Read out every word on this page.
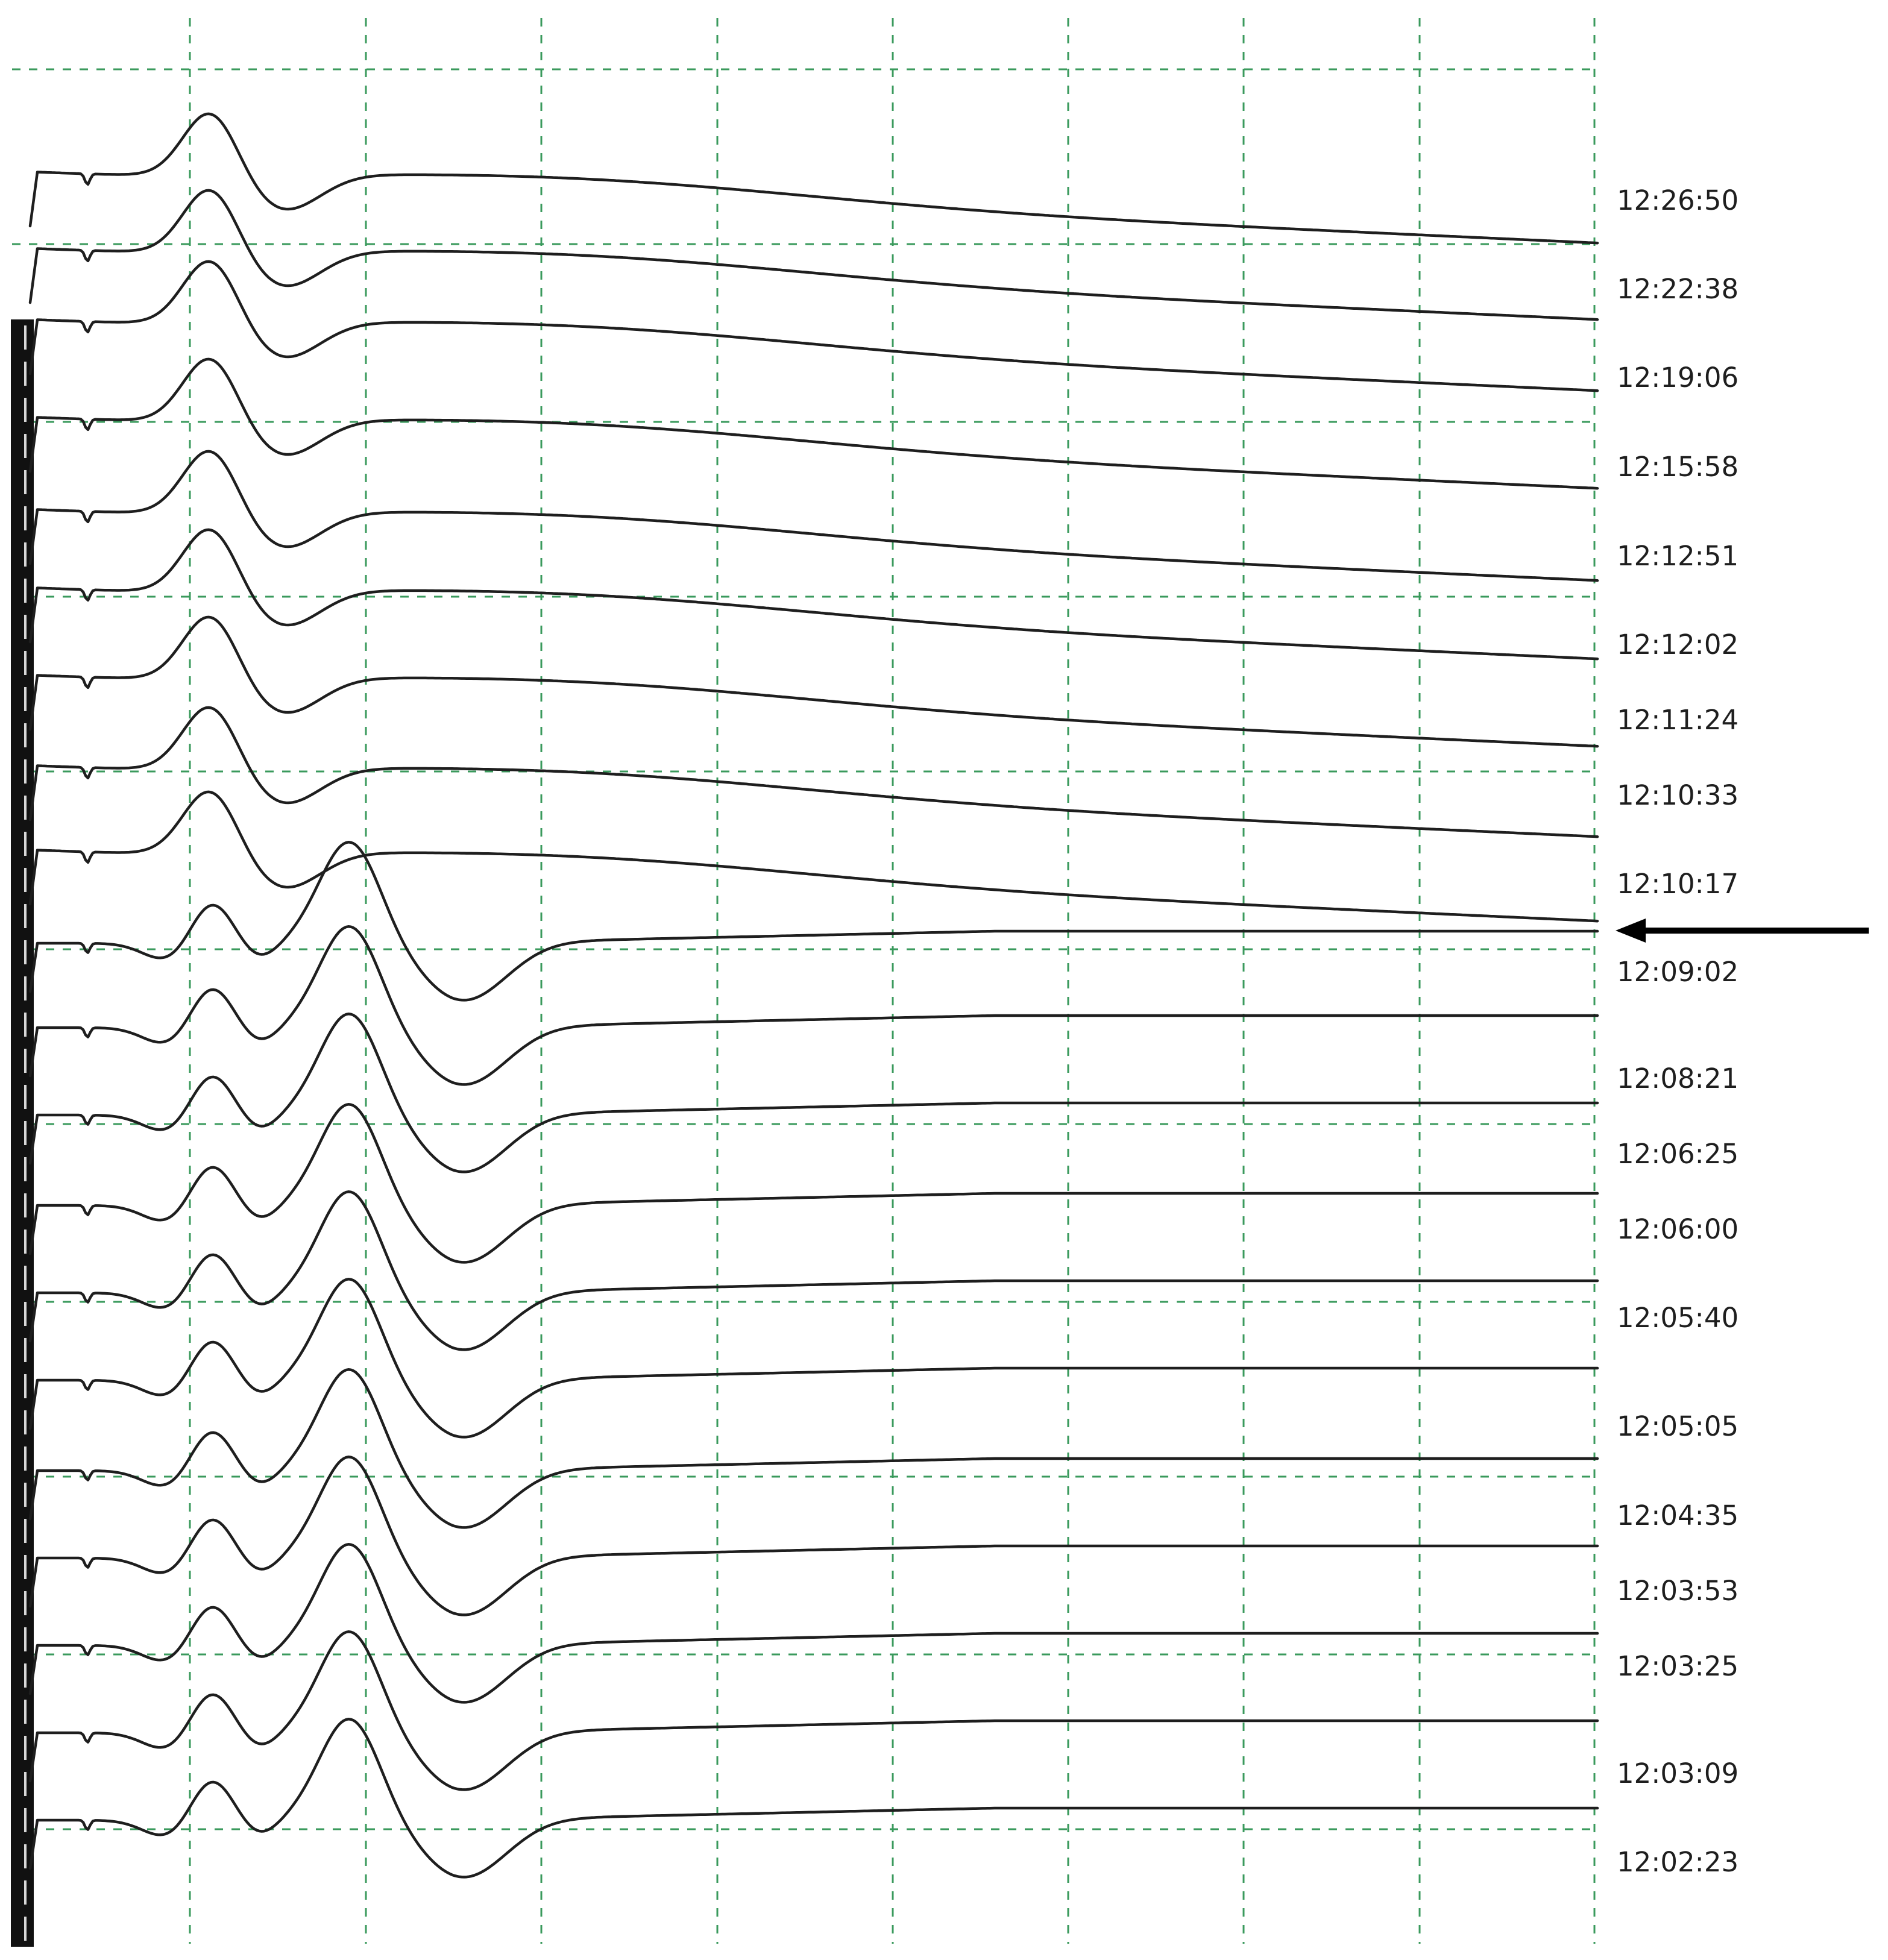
12:26:50
12:22:38
12:19:06
12:15:58
12:12:51
12:12:02
12:11:24
12:10:33
12:10:17
12:09:02
12:08:21
12:06:25
12:06:00
12:05:40
12:05:05
12:04:35
12:03:53
12:03:25
12:03:09
12:02:23
